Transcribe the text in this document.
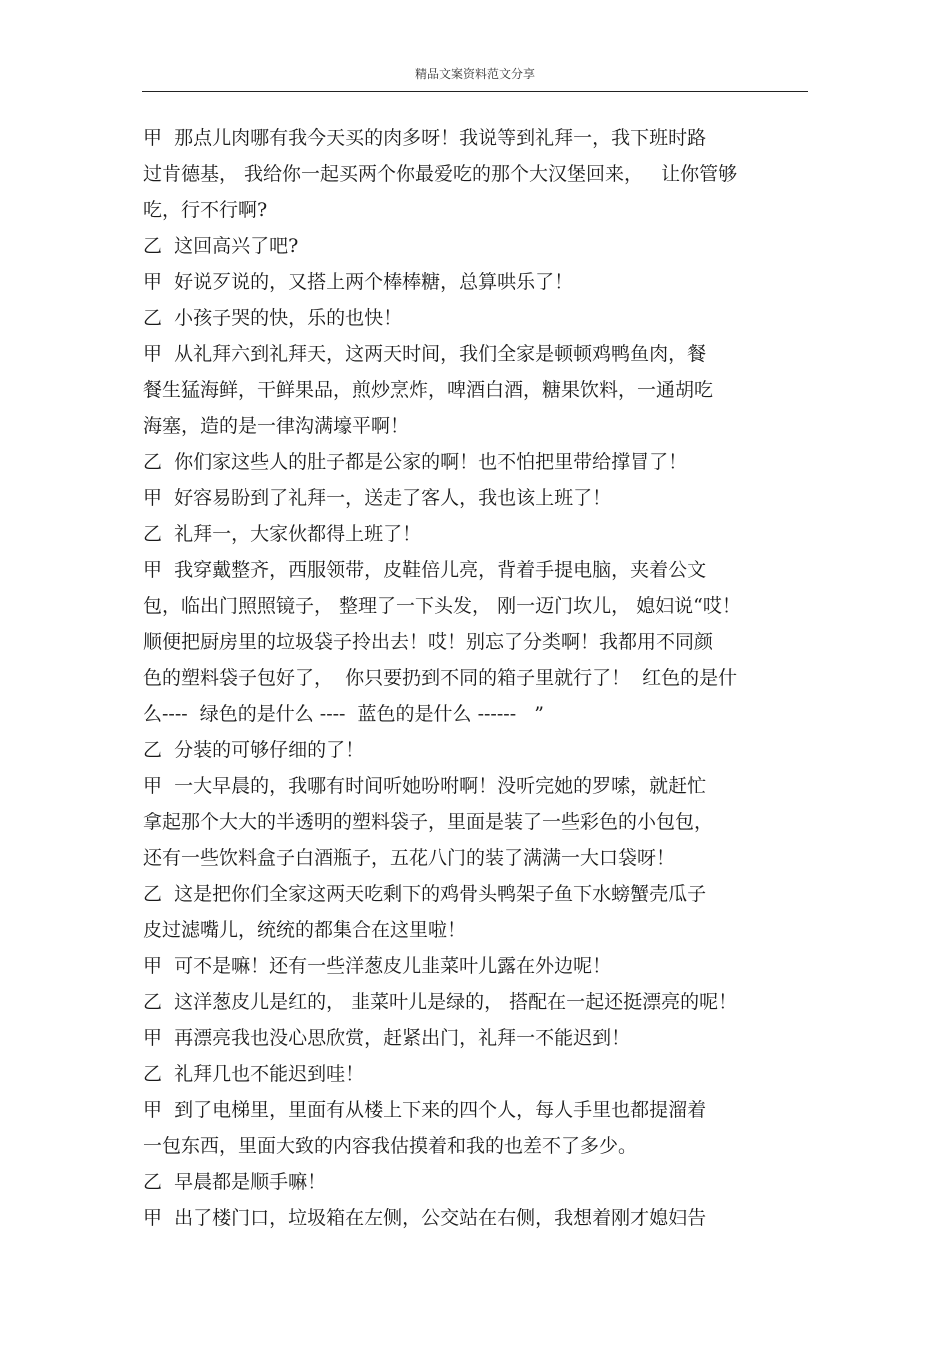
精品文案资料范文分享
甲  那点儿肉哪有我今天买的肉多呀！我说等到礼拜一，我下班时路
过肯德基， 我给你一起买两个你最爱吃的那个大汉堡回来，   让你管够
吃，行不行啊?
乙  这回高兴了吧?
甲  好说歹说的，又搭上两个棒棒糖，总算哄乐了！
乙  小孩子哭的快，乐的也快！
甲  从礼拜六到礼拜天，这两天时间，我们全家是顿顿鸡鸭鱼肉，餐
餐生猛海鲜，干鲜果品，煎炒烹炸，啤酒白酒，糖果饮料，一通胡吃
海塞，造的是一律沟满壕平啊！
乙  你们家这些人的肚子都是公家的啊！也不怕把里带给撑冒了！
甲  好容易盼到了礼拜一，送走了客人，我也该上班了！
乙  礼拜一，大家伙都得上班了！
甲  我穿戴整齐，西服领带，皮鞋倍儿亮，背着手提电脑，夹着公文
包，临出门照照镜子， 整理了一下头发， 刚一迈门坎儿， 媳妇说“哎！
顺便把厨房里的垃圾袋子拎出去！哎！别忘了分类啊！我都用不同颜
色的塑料袋子包好了，  你只要扔到不同的箱子里就行了！  红色的是什
么----  绿色的是什么 ----  蓝色的是什么 ------   ”
乙  分装的可够仔细的了！
甲  一大早晨的，我哪有时间听她吩咐啊！没听完她的罗嗦，就赶忙
拿起那个大大的半透明的塑料袋子，里面是装了一些彩色的小包包，
还有一些饮料盒子白酒瓶子，五花八门的装了满满一大口袋呀！
乙  这是把你们全家这两天吃剩下的鸡骨头鸭架子鱼下水螃蟹壳瓜子
皮过滤嘴儿，统统的都集合在这里啦！
甲  可不是嘛！还有一些洋葱皮儿韭菜叶儿露在外边呢！
乙  这洋葱皮儿是红的， 韭菜叶儿是绿的， 搭配在一起还挺漂亮的呢！
甲  再漂亮我也没心思欣赏，赶紧出门，礼拜一不能迟到！
乙  礼拜几也不能迟到哇！
甲  到了电梯里，里面有从楼上下来的四个人，每人手里也都提溜着
一包东西，里面大致的内容我估摸着和我的也差不了多少。
乙  早晨都是顺手嘛！
甲  出了楼门口，垃圾箱在左侧，公交站在右侧，我想着刚才媳妇告
